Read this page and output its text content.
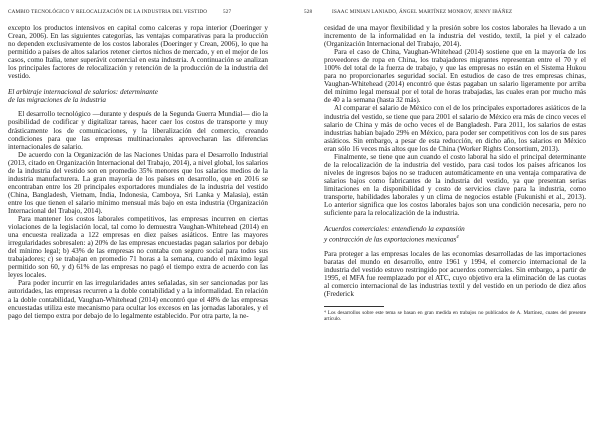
CAMBIO TECNOLÓGICO Y RELOCALIZACIÓN DE LA INDUSTRIA DEL VESTIDO	527

excepto los productos intensivos en capital como calceras y ropa interior (Doeringer y Crean, 2006). En las siguientes categorías, las ventajas comparativas para la producción no dependen exclusivamente de los costos laborales (Doeringer y Crean, 2006), lo que ha permitido a países de altos salarios retener ciertos nichos de mercado, y en el mejor de los casos, como Italia, tener superávit comercial en esta industria. A continuación se analizan los principales factores de relocalización y retención de la producción de la industria del vestido.

El arbitraje internacional de salarios: determinante
de las migraciones de la industria

El desarrollo tecnológico —durante y después de la Segunda Guerra Mundial— dio la posibilidad de codificar y digitalizar tareas, hacer caer los costos de transporte y muy drásticamente los de comunicaciones, y la liberalización del comercio, creando condiciones para que las empresas multinacionales aprovecharan las diferencias internacionales de salario.

De acuerdo con la Organización de las Naciones Unidas para el Desarrollo Industrial (2013, citado en Organización Internacional del Trabajo, 2014), a nivel global, los salarios de la industria del vestido son en promedio 35% menores que los salarios medios de la industria manufacturera. La gran mayoría de los países en desarrollo, que en 2016 se encontraban entre los 20 principales exportadores mundiales de la industria del vestido (China, Bangladesh, Vietnam, India, Indonesia, Camboya, Sri Lanka y Malasia), están entre los que tienen el salario mínimo mensual más bajo en esta industria (Organización Internacional del Trabajo, 2014).

Para mantener los costos laborales competitivos, las empresas incurren en ciertas violaciones de la legislación local, tal como lo demuestra Vaughan-Whitehead (2014) en una encuesta realizada a 122 empresas en diez países asiáticos. Entre las mayores irregularidades sobresalen: a) 20% de las empresas encuestadas pagan salarios por debajo del mínimo legal; b) 43% de las empresas no contaba con seguro social para todos sus trabajadores; c) se trabajan en promedio 71 horas a la semana, cuando el máximo legal permitido son 60, y d) 61% de las empresas no pagó el tiempo extra de acuerdo con las leyes locales.

Para poder incurrir en las irregularidades antes señaladas, sin ser sancionadas por las autoridades, las empresas recurren a la doble contabilidad y a la informalidad. En relación a la doble contabilidad, Vaughan-Whitehead (2014) encontró que el 48% de las empresas encuestadas utiliza este mecanismo para ocultar los excesos en las jornadas laborales, y el pago del tiempo extra por debajo de lo legalmente establecido. Por otra parte, la ne-

528	ISAAC MINIAN LANIADO, ÁNGEL MARTÍNEZ MONROY, JENNY IBÁÑEZ

cesidad de una mayor flexibilidad y la presión sobre los costos laborales ha llevado a un incremento de la informalidad en la industria del vestido, textil, la piel y el calzado (Organización Internacional del Trabajo, 2014).

Para el caso de China, Vaughan-Whitehead (2014) sostiene que en la mayoría de los proveedores de ropa en China, los trabajadores migrantes representan entre el 70 y el 100% del total de la fuerza de trabajo, y que las empresas no están en el Sistema Hukou para no proporcionarles seguridad social. En estudios de caso de tres empresas chinas, Vaughan-Whitehead (2014) encontró que éstas pagaban un salario ligeramente por arriba del mínimo legal mensual por el total de horas trabajadas, las cuales eran por mucho más de 40 a la semana (hasta 32 más).

Al comparar el salario de México con el de los principales exportadores asiáticos de la industria del vestido, se tiene que para 2001 el salario de México era más de cinco veces el salario de China y más de ocho veces el de Bangladesh. Para 2011, los salarios de estas industrias habían bajado 29% en México, para poder ser competitivos con los de sus pares asiáticos. Sin embargo, a pesar de esta reducción, en dicho año, los salarios en México eran sólo 16 veces más altos que los de China (Worker Rights Consortium, 2013).

Finalmente, se tiene que aun cuando el costo laboral ha sido el principal determinante de la relocalización de la industria del vestido, para casi todos los países africanos los niveles de ingresos bajos no se traducen automáticamente en una ventaja comparativa de salarios bajos como fabricantes de la industria del vestido, ya que presentan serias limitaciones en la disponibilidad y costo de servicios clave para la industria, como transporte, habilidades laborales y un clima de negocios estable (Fukunishi et al., 2013). Lo anterior significa que los costos laborales bajos son una condición necesaria, pero no suficiente para la relocalización de la industria.

Acuerdos comerciales: entendiendo la expansión
y contracción de las exportaciones mexicanas$^4$

Para proteger a las empresas locales de las economías desarrolladas de las importaciones baratas del mundo en desarrollo, entre 1961 y 1994, el comercio internacional de la industria del vestido estuvo restringido por acuerdos comerciales. Sin embargo, a partir de 1995, el MFA fue reemplazado por el ATC, cuyo objetivo era la eliminación de las cuotas al comercio internacional de las industrias textil y del vestido en un periodo de diez años (Frederick

⁴ Los desarrollos sobre este tema se basan en gran medida en trabajos no publicados de A. Martínez, cuates del presente artículo.
